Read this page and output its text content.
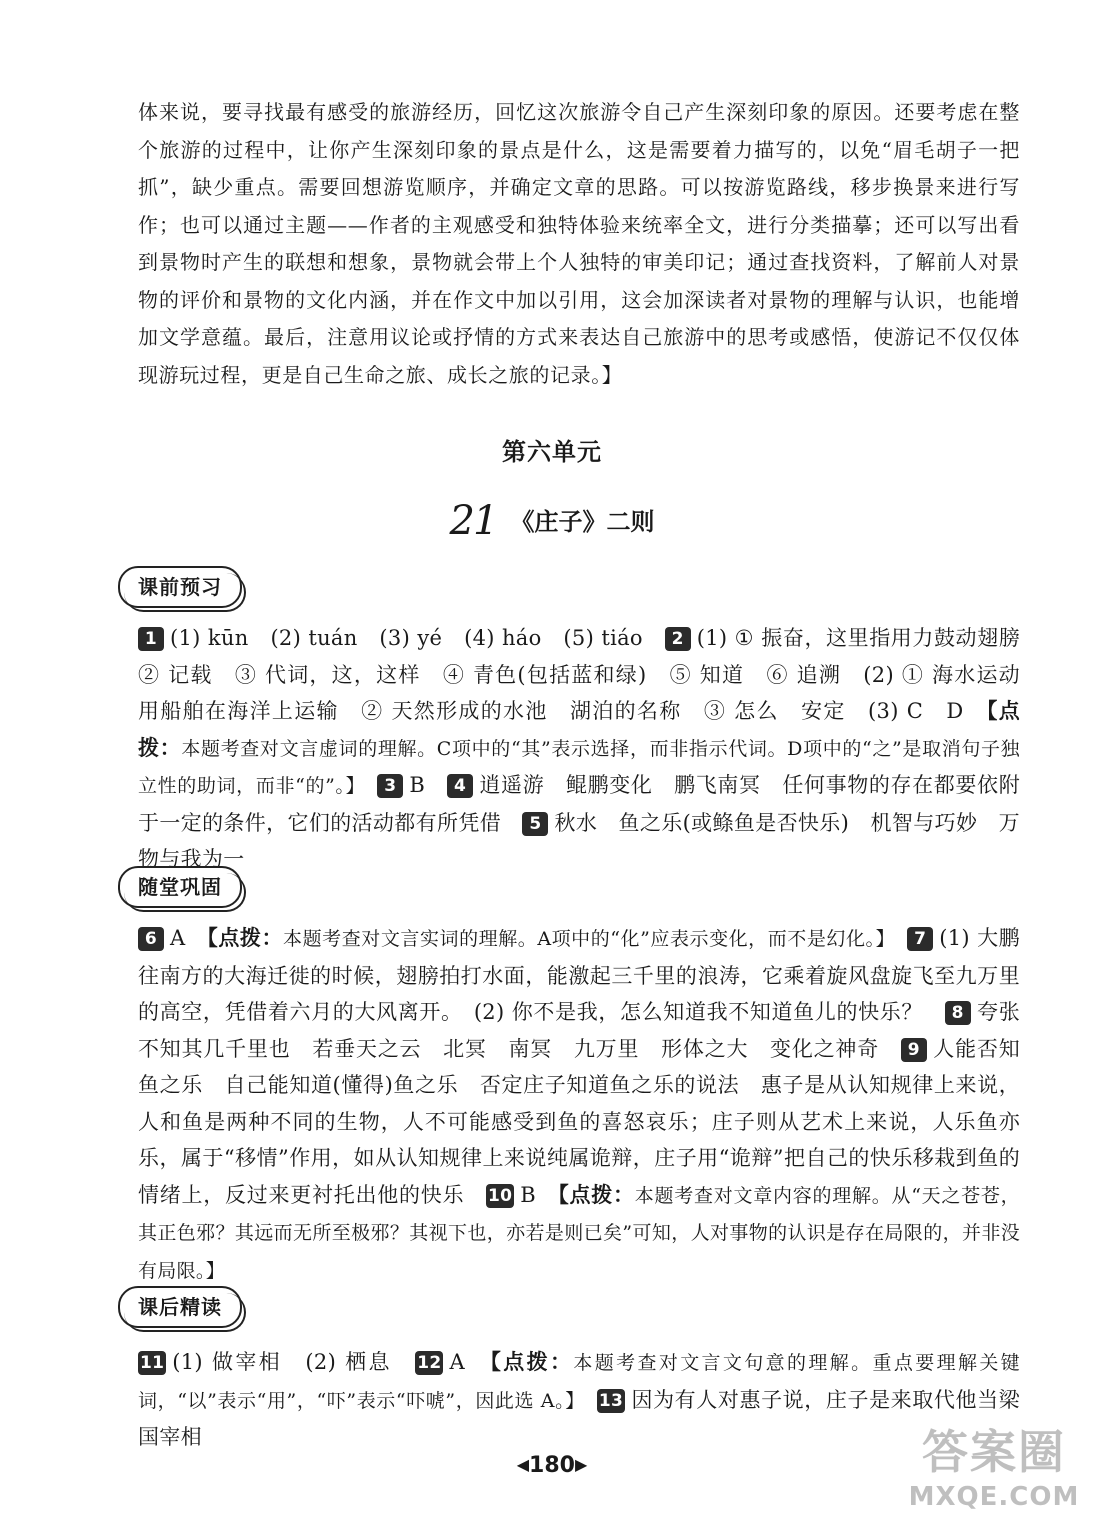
体来说，要寻找最有感受的旅游经历，回忆这次旅游令自己产生深刻印象的原因。还要考虑在整个旅游的过程中，让你产生深刻印象的景点是什么，这是需要着力描写的，以免“眉毛胡子一把抓”，缺少重点。需要回想游览顺序，并确定文章的思路。可以按游览路线，移步换景来进行写作；也可以通过主题——作者的主观感受和独特体验来统率全文，进行分类描摹；还可以写出看到景物时产生的联想和想象，景物就会带上个人独特的审美印记；通过查找资料，了解前人对景物的评价和景物的文化内涵，并在作文中加以引用，这会加深读者对景物的理解与认识，也能增加文学意蕴。最后，注意用议论或抒情的方式来表达自己旅游中的思考或感悟，使游记不仅仅体现游玩过程，更是自己生命之旅、成长之旅的记录。】
第六单元
21 《庄子》二则
课前预习
1 (1) kūn　(2) tuán　(3) yé　(4) háo　(5) tiáo　 2 (1) ① 振奋，这里指用力鼓动翅膀　② 记载　③ 代词，这，这样　④ 青色(包括蓝和绿)　⑤ 知道　⑥ 追溯　(2) ① 海水运动　用船舶在海洋上运输　② 天然形成的水池　湖泊的名称　③ 怎么　安定　(3) C　D　 【点拨：本题考查对文言虚词的理解。C项中的“其”表示选择，而非指示代词。D项中的“之”是取消句子独立性的助词，而非“的”。】　 3 B　 4 逍遥游　鲲鹏变化　鹏飞南冥　任何事物的存在都要依附于一定的条件，它们的活动都有所凭借　 5 秋水　鱼之乐(或鲦鱼是否快乐)　机智与巧妙　万物与我为一
随堂巩固
6 A　 【点拨：本题考查对文言实词的理解。A项中的“化”应表示变化，而不是幻化。】　 7 (1) 大鹏往南方的大海迁徙的时候，翅膀拍打水面，能激起三千里的浪涛，它乘着旋风盘旋飞至九万里的高空，凭借着六月的大风离开。　(2) 你不是我，怎么知道我不知道鱼儿的快乐？　 8 夸张　不知其几千里也　若垂天之云　北冥　南冥　九万里　形体之大　变化之神奇　 9 人能否知鱼之乐　自己能知道(懂得)鱼之乐　否定庄子知道鱼之乐的说法　惠子是从认知规律上来说，人和鱼是两种不同的生物，人不可能感受到鱼的喜怒哀乐；庄子则从艺术上来说，人乐鱼亦乐，属于“移情”作用，如从认知规律上来说纯属诡辩，庄子用“诡辩”把自己的快乐移栽到鱼的情绪上，反过来更衬托出他的快乐　 10 B　 【点拨：本题考查对文章内容的理解。从“天之苍苍，其正色邪？其远而无所至极邪？其视下也，亦若是则已矣”可知，人对事物的认识是存在局限的，并非没有局限。】
课后精读
11 (1) 做宰相　(2) 栖息　 12 A　 【点拨：本题考查对文言文句意的理解。重点要理解关键词，“以”表示“用”，“吓”表示“吓唬”，因此选 A。】　 13 因为有人对惠子说，庄子是来取代他当梁国宰相
◀180▶	答案圈
MXQE.COM
